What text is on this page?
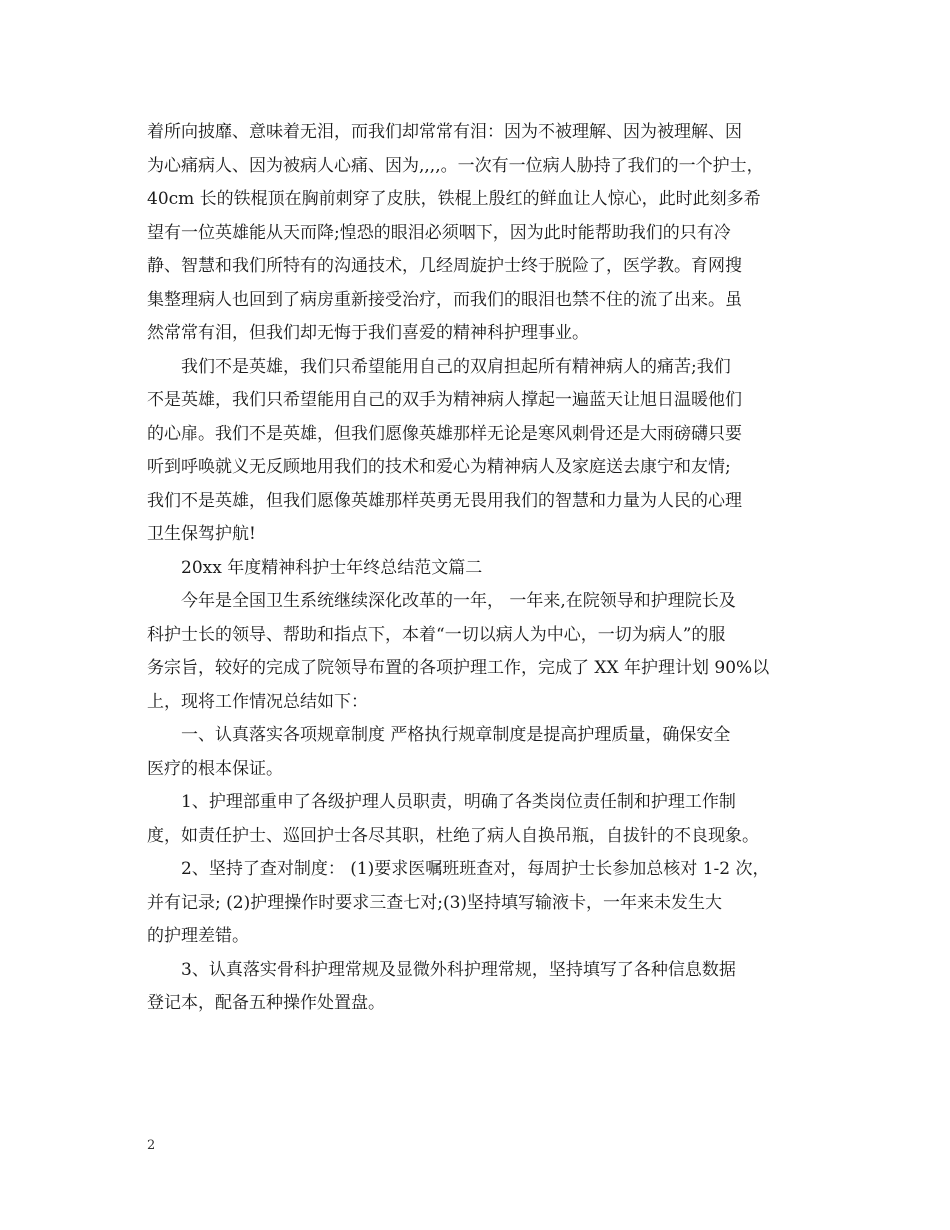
着所向披靡、意味着无泪，而我们却常常有泪：因为不被理解、因为被理解、因
为心痛病人、因为被病人心痛、因为,,,,。一次有一位病人胁持了我们的一个护士，
40cm 长的铁棍顶在胸前刺穿了皮肤，铁棍上殷红的鲜血让人惊心，此时此刻多希
望有一位英雄能从天而降;惶恐的眼泪必须咽下，因为此时能帮助我们的只有冷
静、智慧和我们所特有的沟通技术，几经周旋护士终于脱险了，医学教。育网搜
集整理病人也回到了病房重新接受治疗，而我们的眼泪也禁不住的流了出来。虽
然常常有泪，但我们却无悔于我们喜爱的精神科护理事业。
我们不是英雄，我们只希望能用自己的双肩担起所有精神病人的痛苦;我们
不是英雄，我们只希望能用自己的双手为精神病人撑起一遍蓝天让旭日温暖他们
的心扉。我们不是英雄，但我们愿像英雄那样无论是寒风刺骨还是大雨磅礴只要
听到呼唤就义无反顾地用我们的技术和爱心为精神病人及家庭送去康宁和友情;
我们不是英雄，但我们愿像英雄那样英勇无畏用我们的智慧和力量为人民的心理
卫生保驾护航!
20xx 年度精神科护士年终总结范文篇二
今年是全国卫生系统继续深化改革的一年， 一年来,在院领导和护理院长及
科护士长的领导、帮助和指点下，本着“一切以病人为中心，一切为病人”的服
务宗旨，较好的完成了院领导布置的各项护理工作，完成了 XX 年护理计划 90%以
上，现将工作情况总结如下：
一、认真落实各项规章制度 严格执行规章制度是提高护理质量，确保安全
医疗的根本保证。
1、护理部重申了各级护理人员职责，明确了各类岗位责任制和护理工作制
度，如责任护士、巡回护士各尽其职，杜绝了病人自换吊瓶，自拔针的不良现象。
2、坚持了查对制度： (1)要求医嘱班班查对，每周护士长参加总核对 1-2 次，
并有记录; (2)护理操作时要求三查七对;(3)坚持填写输液卡，一年来未发生大
的护理差错。
3、认真落实骨科护理常规及显微外科护理常规，坚持填写了各种信息数据
登记本，配备五种操作处置盘。
2
